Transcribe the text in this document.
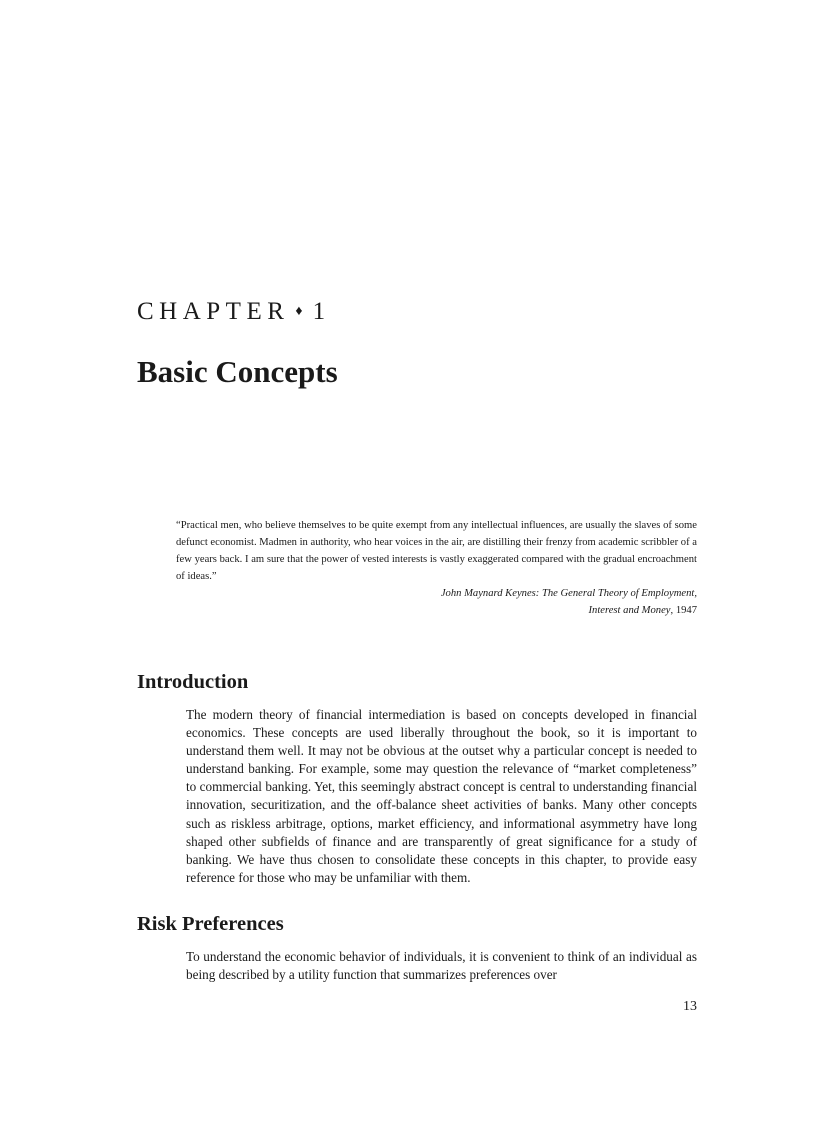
CHAPTER ♦ 1
Basic Concepts

“Practical men, who believe themselves to be quite exempt from any intellectual influences, are usually the slaves of some defunct economist. Madmen in authority, who hear voices in the air, are distilling their frenzy from academic scribbler of a few years back. I am sure that the power of vested interests is vastly exaggerated compared with the gradual encroachment of ideas.”

John Maynard Keynes: The General Theory of Employment,
Interest and Money, 1947
Introduction

The modern theory of financial intermediation is based on concepts developed in financial economics. These concepts are used liberally throughout the book, so it is important to understand them well. It may not be obvious at the outset why a particular concept is needed to understand banking. For example, some may question the relevance of “market completeness” to commercial banking. Yet, this seemingly abstract concept is central to understanding financial innovation, securitization, and the off-balance sheet activities of banks. Many other concepts such as riskless arbitrage, options, market efficiency, and informational asymmetry have long shaped other subfields of finance and are transparently of great significance for a study of banking. We have thus chosen to consolidate these concepts in this chapter, to provide easy reference for those who may be unfamiliar with them.

Risk Preferences

To understand the economic behavior of individuals, it is convenient to think of an individual as being described by a utility function that summarizes preferences over

13
